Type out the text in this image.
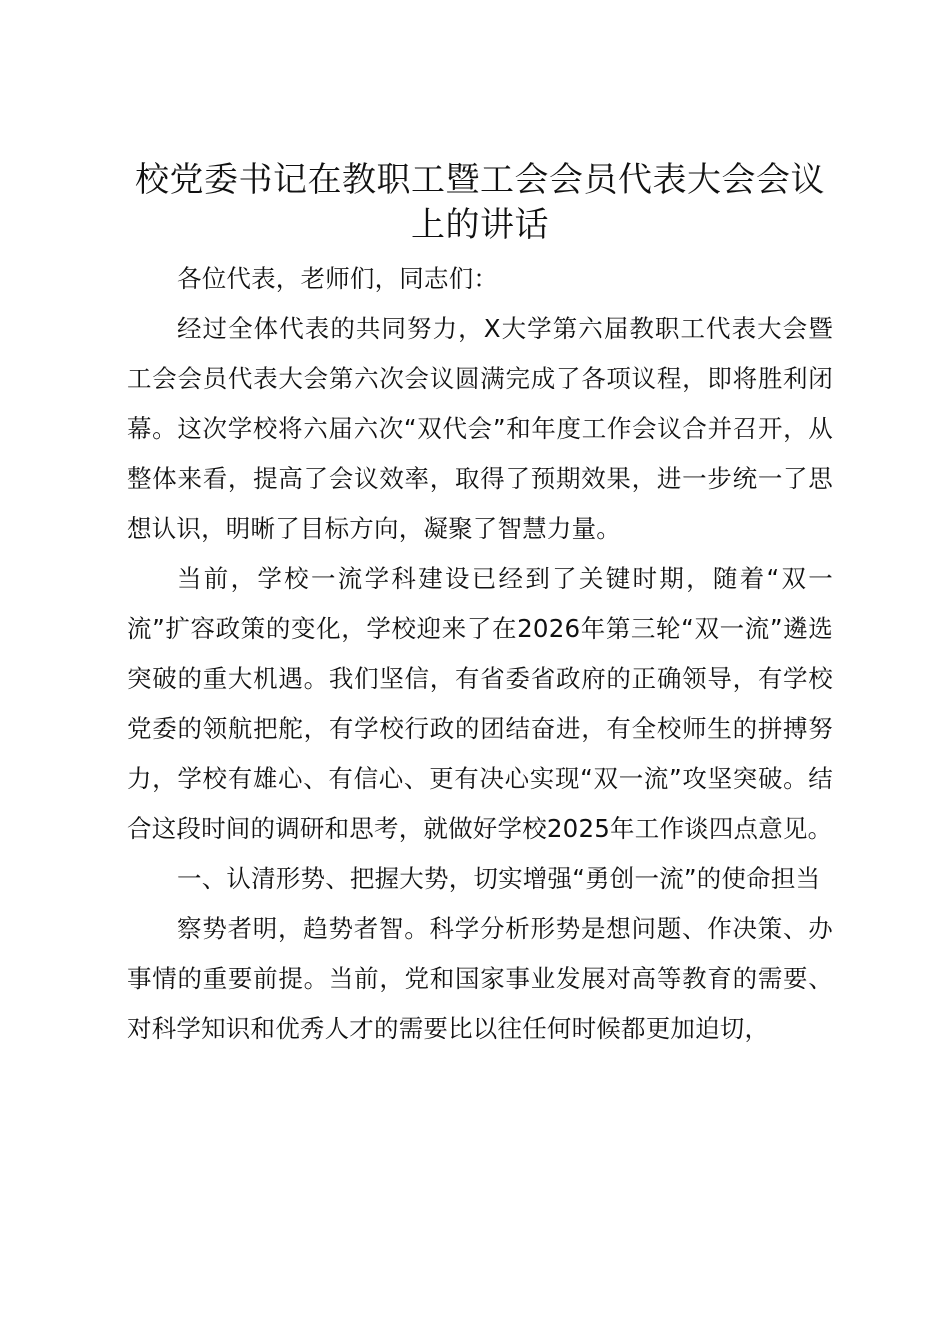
校党委书记在教职工暨工会会员代表大会会议
上的讲话

各位代表，老师们，同志们：

经过全体代表的共同努力，X大学第六届教职工代表大会暨工会会员代表大会第六次会议圆满完成了各项议程，即将胜利闭幕。这次学校将六届六次“双代会”和年度工作会议合并召开，从整体来看，提高了会议效率，取得了预期效果，进一步统一了思想认识，明晰了目标方向，凝聚了智慧力量。

当前，学校一流学科建设已经到了关键时期，随着“双一流”扩容政策的变化，学校迎来了在2026年第三轮“双一流”遴选突破的重大机遇。我们坚信，有省委省政府的正确领导，有学校党委的领航把舵，有学校行政的团结奋进，有全校师生的拼搏努力，学校有雄心、有信心、更有决心实现“双一流”攻坚突破。结合这段时间的调研和思考，就做好学校2025年工作谈四点意见。

一、认清形势、把握大势，切实增强“勇创一流”的使命担当

察势者明，趋势者智。科学分析形势是想问题、作决策、办事情的重要前提。当前，党和国家事业发展对高等教育的需要、对科学知识和优秀人才的需要比以往任何时候都更加迫切，
